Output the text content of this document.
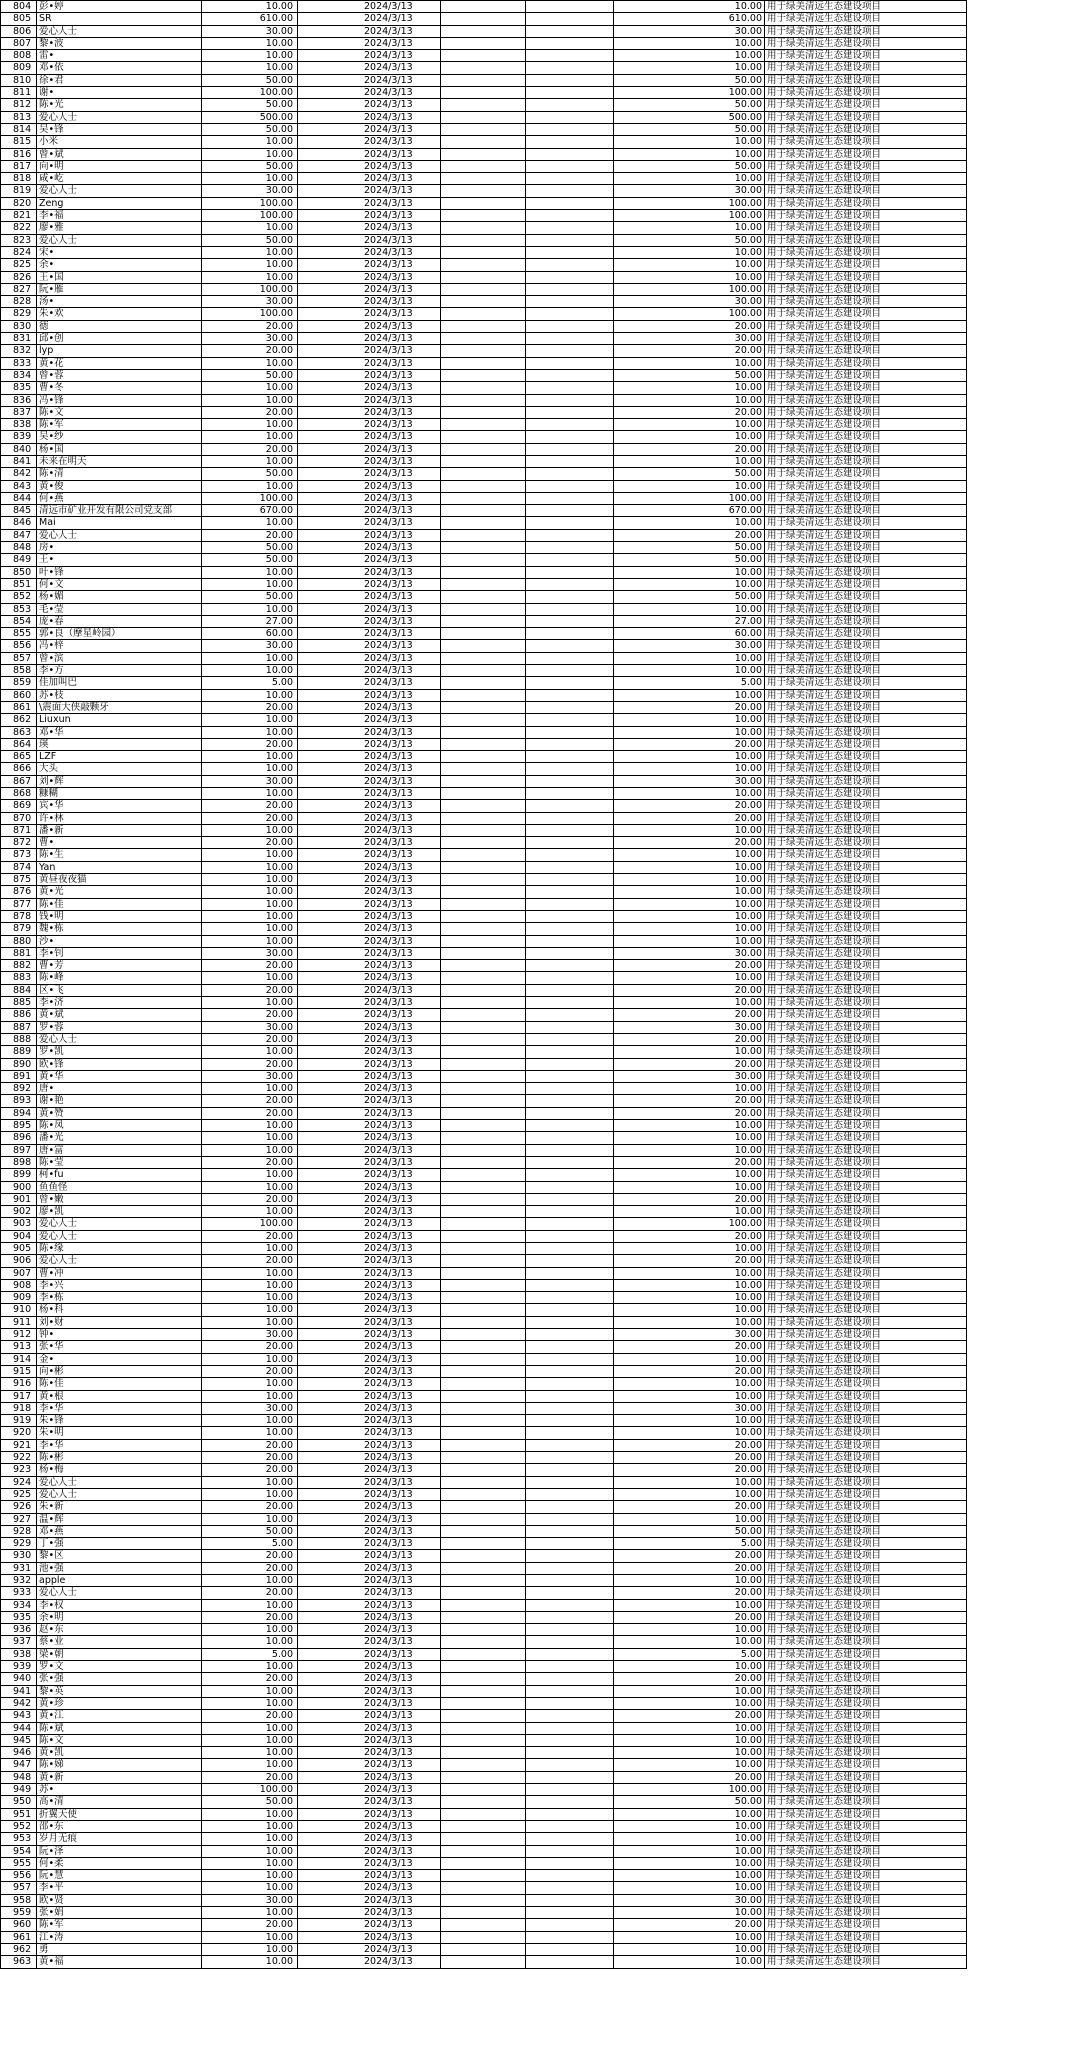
804	彭•婷	10.00	2024/3/13			10.00	用于绿美清远生态建设项目
805	SR	610.00	2024/3/13			610.00	用于绿美清远生态建设项目
806	爱心人士	30.00	2024/3/13			30.00	用于绿美清远生态建设项目
807	黎•波	10.00	2024/3/13			10.00	用于绿美清远生态建设项目
808	雷•	10.00	2024/3/13			10.00	用于绿美清远生态建设项目
809	邓•依	10.00	2024/3/13			10.00	用于绿美清远生态建设项目
810	徐•君	50.00	2024/3/13			50.00	用于绿美清远生态建设项目
811	谢•	100.00	2024/3/13			100.00	用于绿美清远生态建设项目
812	陈•光	50.00	2024/3/13			50.00	用于绿美清远生态建设项目
813	爱心人士	500.00	2024/3/13			500.00	用于绿美清远生态建设项目
814	吴•锋	50.00	2024/3/13			50.00	用于绿美清远生态建设项目
815	小米	10.00	2024/3/13			10.00	用于绿美清远生态建设项目
816	曾•斌	10.00	2024/3/13			10.00	用于绿美清远生态建设项目
817	向•明	50.00	2024/3/13			50.00	用于绿美清远生态建设项目
818	咸•屹	10.00	2024/3/13			10.00	用于绿美清远生态建设项目
819	爱心人士	30.00	2024/3/13			30.00	用于绿美清远生态建设项目
820	Zeng	100.00	2024/3/13			100.00	用于绿美清远生态建设项目
821	李•福	100.00	2024/3/13			100.00	用于绿美清远生态建设项目
822	廖•雅	10.00	2024/3/13			10.00	用于绿美清远生态建设项目
823	爱心人士	50.00	2024/3/13			50.00	用于绿美清远生态建设项目
824	宋•	10.00	2024/3/13			10.00	用于绿美清远生态建设项目
825	余•	10.00	2024/3/13			10.00	用于绿美清远生态建设项目
826	王•国	10.00	2024/3/13			10.00	用于绿美清远生态建设项目
827	阮•雁	100.00	2024/3/13			100.00	用于绿美清远生态建设项目
828	汤•	30.00	2024/3/13			30.00	用于绿美清远生态建设项目
829	朱•欢	100.00	2024/3/13			100.00	用于绿美清远生态建设项目
830	德	20.00	2024/3/13			20.00	用于绿美清远生态建设项目
831	邱•创	30.00	2024/3/13			30.00	用于绿美清远生态建设项目
832	lyp	20.00	2024/3/13			20.00	用于绿美清远生态建设项目
833	黄•花	10.00	2024/3/13			10.00	用于绿美清远生态建设项目
834	曾•蓉	50.00	2024/3/13			50.00	用于绿美清远生态建设项目
835	曹•冬	10.00	2024/3/13			10.00	用于绿美清远生态建设项目
836	冯•锋	10.00	2024/3/13			10.00	用于绿美清远生态建设项目
837	陈•文	20.00	2024/3/13			20.00	用于绿美清远生态建设项目
838	陈•军	10.00	2024/3/13			10.00	用于绿美清远生态建设项目
839	吴•纱	10.00	2024/3/13			10.00	用于绿美清远生态建设项目
840	杨•国	20.00	2024/3/13			20.00	用于绿美清远生态建设项目
841	未来在明天	10.00	2024/3/13			10.00	用于绿美清远生态建设项目
842	陈•清	50.00	2024/3/13			50.00	用于绿美清远生态建设项目
843	黄•俊	10.00	2024/3/13			10.00	用于绿美清远生态建设项目
844	何•燕	100.00	2024/3/13			100.00	用于绿美清远生态建设项目
845	清远市矿业开发有限公司党支部	670.00	2024/3/13			670.00	用于绿美清远生态建设项目
846	Mai	10.00	2024/3/13			10.00	用于绿美清远生态建设项目
847	爱心人士	20.00	2024/3/13			20.00	用于绿美清远生态建设项目
848	房•	50.00	2024/3/13			50.00	用于绿美清远生态建设项目
849	王•	50.00	2024/3/13			50.00	用于绿美清远生态建设项目
850	叶•锋	10.00	2024/3/13			10.00	用于绿美清远生态建设项目
851	何•文	10.00	2024/3/13			10.00	用于绿美清远生态建设项目
852	杨•媚	50.00	2024/3/13			50.00	用于绿美清远生态建设项目
853	毛•莹	10.00	2024/3/13			10.00	用于绿美清远生态建设项目
854	庞•春	27.00	2024/3/13			27.00	用于绿美清远生态建设项目
855	郭•良（摩星岭园）	60.00	2024/3/13			60.00	用于绿美清远生态建设项目
856	冯•梓	30.00	2024/3/13			30.00	用于绿美清远生态建设项目
857	曾•滨	10.00	2024/3/13			10.00	用于绿美清远生态建设项目
858	李•方	10.00	2024/3/13			10.00	用于绿美清远生态建设项目
859	佳加叫巴	5.00	2024/3/13			5.00	用于绿美清远生态建设项目
860	苏•枝	10.00	2024/3/13			10.00	用于绿美清远生态建设项目
861	\震面大侠敲颗牙	20.00	2024/3/13			20.00	用于绿美清远生态建设项目
862	Liuxun	10.00	2024/3/13			10.00	用于绿美清远生态建设项目
863	邓•华	10.00	2024/3/13			10.00	用于绿美清远生态建设项目
864	瑛	20.00	2024/3/13			20.00	用于绿美清远生态建设项目
865	LZF	10.00	2024/3/13			10.00	用于绿美清远生态建设项目
866	大头	10.00	2024/3/13			10.00	用于绿美清远生态建设项目
867	刘•辉	30.00	2024/3/13			30.00	用于绿美清远生态建设项目
868	糠糊	10.00	2024/3/13			10.00	用于绿美清远生态建设项目
869	宾•华	20.00	2024/3/13			20.00	用于绿美清远生态建设项目
870	许•林	20.00	2024/3/13			20.00	用于绿美清远生态建设项目
871	潘•新	10.00	2024/3/13			10.00	用于绿美清远生态建设项目
872	曹•	20.00	2024/3/13			20.00	用于绿美清远生态建设项目
873	陈•生	10.00	2024/3/13			10.00	用于绿美清远生态建设项目
874	Yan	10.00	2024/3/13			10.00	用于绿美清远生态建设项目
875	黄昼夜夜猫	10.00	2024/3/13			10.00	用于绿美清远生态建设项目
876	黄•光	10.00	2024/3/13			10.00	用于绿美清远生态建设项目
877	陈•佳	10.00	2024/3/13			10.00	用于绿美清远生态建设项目
878	钱•明	10.00	2024/3/13			10.00	用于绿美清远生态建设项目
879	魏•栋	10.00	2024/3/13			10.00	用于绿美清远生态建设项目
880	沙•	10.00	2024/3/13			10.00	用于绿美清远生态建设项目
881	李•钊	30.00	2024/3/13			30.00	用于绿美清远生态建设项目
882	曹•芳	20.00	2024/3/13			20.00	用于绿美清远生态建设项目
883	陈•峰	10.00	2024/3/13			10.00	用于绿美清远生态建设项目
884	区•飞	20.00	2024/3/13			20.00	用于绿美清远生态建设项目
885	李•济	10.00	2024/3/13			10.00	用于绿美清远生态建设项目
886	黄•斌	20.00	2024/3/13			20.00	用于绿美清远生态建设项目
887	罗•蓉	30.00	2024/3/13			30.00	用于绿美清远生态建设项目
888	爱心人士	20.00	2024/3/13			20.00	用于绿美清远生态建设项目
889	罗•凯	10.00	2024/3/13			10.00	用于绿美清远生态建设项目
890	欧•锋	20.00	2024/3/13			20.00	用于绿美清远生态建设项目
891	黄•华	30.00	2024/3/13			30.00	用于绿美清远生态建设项目
892	唐•	10.00	2024/3/13			10.00	用于绿美清远生态建设项目
893	谢•艳	20.00	2024/3/13			20.00	用于绿美清远生态建设项目
894	黄•赞	20.00	2024/3/13			20.00	用于绿美清远生态建设项目
895	陈•凤	10.00	2024/3/13			10.00	用于绿美清远生态建设项目
896	潘•光	10.00	2024/3/13			10.00	用于绿美清远生态建设项目
897	唐•富	10.00	2024/3/13			10.00	用于绿美清远生态建设项目
898	陈•莹	20.00	2024/3/13			20.00	用于绿美清远生态建设项目
899	柯•fu	10.00	2024/3/13			10.00	用于绿美清远生态建设项目
900	鱼鱼怪	10.00	2024/3/13			10.00	用于绿美清远生态建设项目
901	曾•嫩	20.00	2024/3/13			20.00	用于绿美清远生态建设项目
902	廖•凯	10.00	2024/3/13			10.00	用于绿美清远生态建设项目
903	爱心人士	100.00	2024/3/13			100.00	用于绿美清远生态建设项目
904	爱心人士	20.00	2024/3/13			20.00	用于绿美清远生态建设项目
905	陈•缘	10.00	2024/3/13			10.00	用于绿美清远生态建设项目
906	爱心人士	20.00	2024/3/13			20.00	用于绿美清远生态建设项目
907	曹•冲	10.00	2024/3/13			10.00	用于绿美清远生态建设项目
908	李•兴	10.00	2024/3/13			10.00	用于绿美清远生态建设项目
909	李•栋	10.00	2024/3/13			10.00	用于绿美清远生态建设项目
910	杨•科	10.00	2024/3/13			10.00	用于绿美清远生态建设项目
911	刘•财	10.00	2024/3/13			10.00	用于绿美清远生态建设项目
912	钟•	30.00	2024/3/13			30.00	用于绿美清远生态建设项目
913	张•华	20.00	2024/3/13			20.00	用于绿美清远生态建设项目
914	金•	10.00	2024/3/13			10.00	用于绿美清远生态建设项目
915	向•彬	20.00	2024/3/13			20.00	用于绿美清远生态建设项目
916	陈•佳	10.00	2024/3/13			10.00	用于绿美清远生态建设项目
917	黄•根	10.00	2024/3/13			10.00	用于绿美清远生态建设项目
918	李•华	30.00	2024/3/13			30.00	用于绿美清远生态建设项目
919	朱•锋	10.00	2024/3/13			10.00	用于绿美清远生态建设项目
920	朱•明	10.00	2024/3/13			10.00	用于绿美清远生态建设项目
921	李•华	20.00	2024/3/13			20.00	用于绿美清远生态建设项目
922	陈•彬	20.00	2024/3/13			20.00	用于绿美清远生态建设项目
923	杨•梅	20.00	2024/3/13			20.00	用于绿美清远生态建设项目
924	爱心人士	10.00	2024/3/13			10.00	用于绿美清远生态建设项目
925	爱心人士	10.00	2024/3/13			10.00	用于绿美清远生态建设项目
926	朱•新	20.00	2024/3/13			20.00	用于绿美清远生态建设项目
927	温•辉	10.00	2024/3/13			10.00	用于绿美清远生态建设项目
928	邓•燕	50.00	2024/3/13			50.00	用于绿美清远生态建设项目
929	丁•强	5.00	2024/3/13			5.00	用于绿美清远生态建设项目
930	黎•区	20.00	2024/3/13			20.00	用于绿美清远生态建设项目
931	池•强	20.00	2024/3/13			20.00	用于绿美清远生态建设项目
932	apple	10.00	2024/3/13			10.00	用于绿美清远生态建设项目
933	爱心人士	20.00	2024/3/13			20.00	用于绿美清远生态建设项目
934	李•权	10.00	2024/3/13			10.00	用于绿美清远生态建设项目
935	余•明	20.00	2024/3/13			20.00	用于绿美清远生态建设项目
936	赵•东	10.00	2024/3/13			10.00	用于绿美清远生态建设项目
937	蔡•业	10.00	2024/3/13			10.00	用于绿美清远生态建设项目
938	梁•朝	5.00	2024/3/13			5.00	用于绿美清远生态建设项目
939	罗•文	10.00	2024/3/13			10.00	用于绿美清远生态建设项目
940	张•强	20.00	2024/3/13			20.00	用于绿美清远生态建设项目
941	黎•英	10.00	2024/3/13			10.00	用于绿美清远生态建设项目
942	黄•珍	10.00	2024/3/13			10.00	用于绿美清远生态建设项目
943	黄•江	20.00	2024/3/13			20.00	用于绿美清远生态建设项目
944	陈•斌	10.00	2024/3/13			10.00	用于绿美清远生态建设项目
945	陈•文	10.00	2024/3/13			10.00	用于绿美清远生态建设项目
946	黄•凯	10.00	2024/3/13			10.00	用于绿美清远生态建设项目
947	陈•娣	10.00	2024/3/13			10.00	用于绿美清远生态建设项目
948	黄•新	20.00	2024/3/13			20.00	用于绿美清远生态建设项目
949	苏•	100.00	2024/3/13			100.00	用于绿美清远生态建设项目
950	高•清	50.00	2024/3/13			50.00	用于绿美清远生态建设项目
951	折翼天使	10.00	2024/3/13			10.00	用于绿美清远生态建设项目
952	邵•东	10.00	2024/3/13			10.00	用于绿美清远生态建设项目
953	岁月无痕	10.00	2024/3/13			10.00	用于绿美清远生态建设项目
954	阮•泽	10.00	2024/3/13			10.00	用于绿美清远生态建设项目
955	何•柔	10.00	2024/3/13			10.00	用于绿美清远生态建设项目
956	阮•慧	10.00	2024/3/13			10.00	用于绿美清远生态建设项目
957	李•平	10.00	2024/3/13			10.00	用于绿美清远生态建设项目
958	欧•贤	30.00	2024/3/13			30.00	用于绿美清远生态建设项目
959	张•娟	10.00	2024/3/13			10.00	用于绿美清远生态建设项目
960	陈•军	20.00	2024/3/13			20.00	用于绿美清远生态建设项目
961	江•涛	10.00	2024/3/13			10.00	用于绿美清远生态建设项目
962	勇	10.00	2024/3/13			10.00	用于绿美清远生态建设项目
963	黄•福	10.00	2024/3/13			10.00	用于绿美清远生态建设项目
